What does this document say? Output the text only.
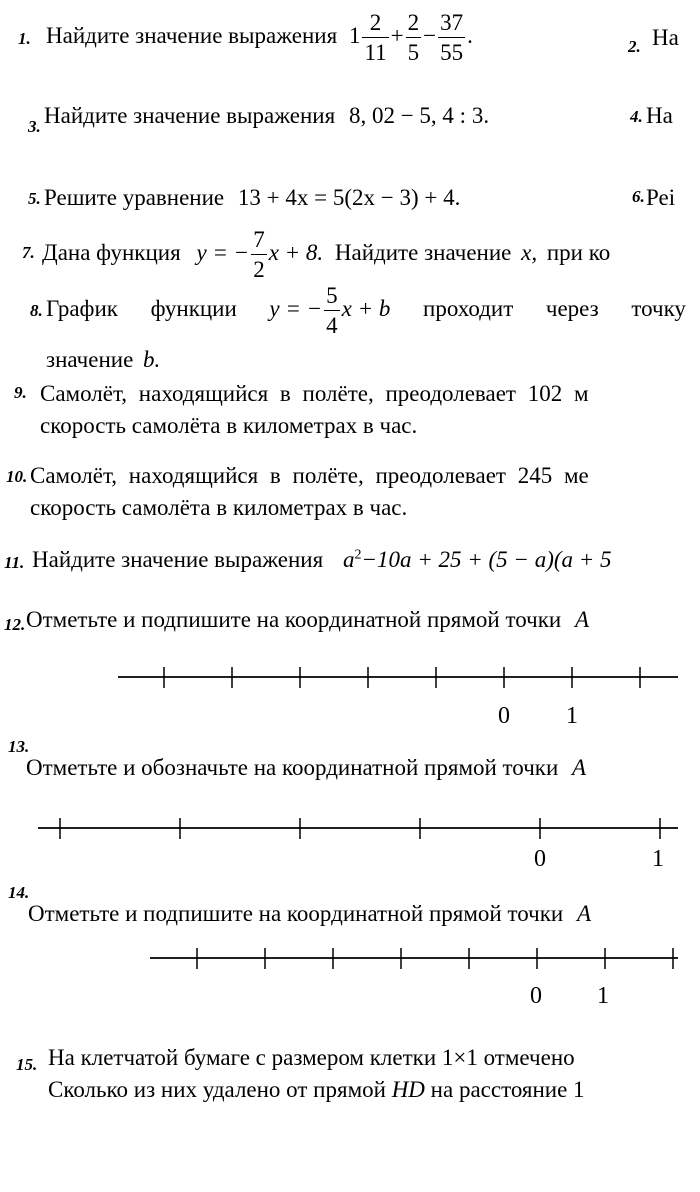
1. Найдите значение выражения $1 \frac{2}{11} + \frac{2}{5} - \frac{37}{55}$ .	2. На
3. Найдите значение выражения 8, 02 − 5, 4 : 3.	4. На
5. Решите уравнение 13 + 4x = 5(2x − 3) + 4.	6. Реі
7. Дана функция y = − $\frac{7}{2}$ x + 8. Найдите значение x, при ко
8. График функции y = − $\frac{5}{4}$ x + b проходит через точку
значение b.
9. Самолёт, находящийся в полёте, преодолевает 102 м
скорость самолёта в километрах в час.
10. Самолёт, находящийся в полёте, преодолевает 245 ме
скорость самолёта в километрах в час.
11. Найдите значение выражения $a^2-10a + 25 + (5 - a)(a + 5$
12. Отметьте и подпишите на координатной прямой точки A
13.
Отметьте и обозначьте на координатной прямой точки A
14.
Отметьте и подпишите на координатной прямой точки A
15. На клетчатой бумаге с размером клетки 1×1 отмечено
Сколько из них удалено от прямой HD на расстояние 1
0 1
0	1
0 1
